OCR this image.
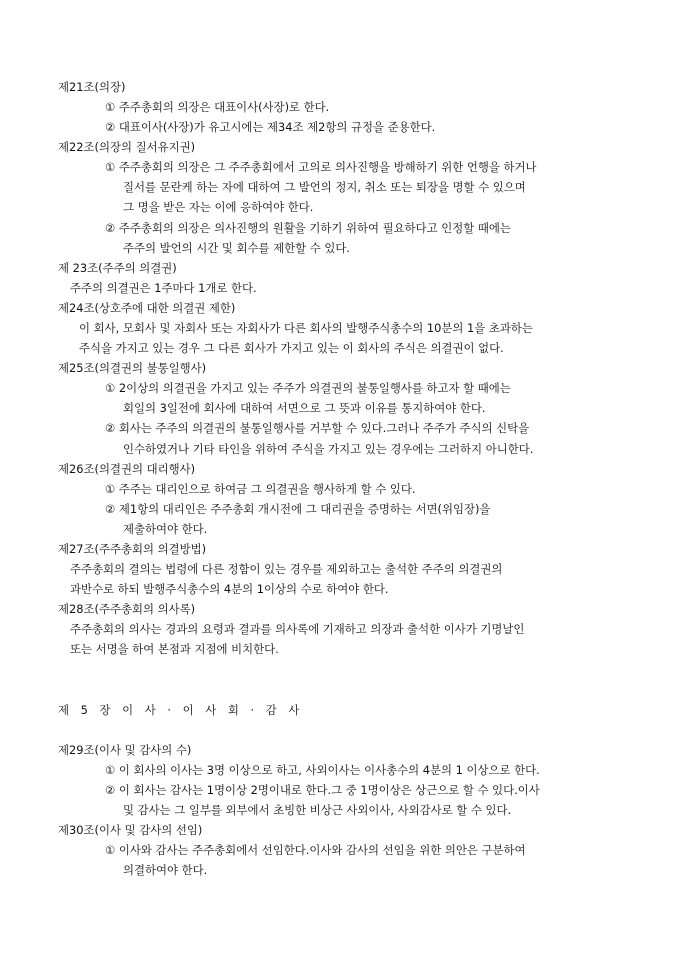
제21조(의장)
① 주주총회의 의장은 대표이사(사장)로 한다.
② 대표이사(사장)가 유고시에는 제34조 제2항의 규정을 준용한다.
제22조(의장의 질서유지권)
① 주주총회의 의장은 그 주주총회에서 고의로 의사진행을 방해하기 위한 언행을 하거나
질서를 문란케 하는 자에 대하여 그 발언의 정지, 취소 또는 퇴장을 명할 수 있으며
그 명을 받은 자는 이에 응하여야 한다.
② 주주총회의 의장은 의사진행의 원활을 기하기 위하여 필요하다고 인정할 때에는
주주의 발언의 시간 및 회수를 제한할 수 있다.
제 23조(주주의 의결권)
주주의 의결권은 1주마다 1개로 한다.
제24조(상호주에 대한 의결권 제한)
이 회사, 모회사 및 자회사 또는 자회사가 다른 회사의 발행주식총수의 10분의 1을 초과하는
주식을 가지고 있는 경우 그 다른 회사가 가지고 있는 이 회사의 주식은 의결권이 없다.
제25조(의결권의 불통일행사)
① 2이상의 의결권을 가지고 있는 주주가 의결권의 불통일행사를 하고자 할 때에는
회일의 3일전에 회사에 대하여 서면으로 그 뜻과 이유를 통지하여야 한다.
② 회사는 주주의 의결권의 불통일행사를 거부할 수 있다.그러나 주주가 주식의 신탁을
인수하였거나 기타 타인을 위하여 주식을 가지고 있는 경우에는 그러하지 아니한다.
제26조(의결권의 대리행사)
① 주주는 대리인으로 하여금 그 의결권을 행사하게 할 수 있다.
② 제1항의 대리인은 주주총회 개시전에 그 대리권을 증명하는 서면(위임장)을
제출하여야 한다.
제27조(주주총회의 의결방법)
주주총회의 결의는 법령에 다른 정함이 있는 경우를 제외하고는 출석한 주주의 의결권의
과반수로 하되 발행주식총수의 4분의 1이상의 수로 하여야 한다.
제28조(주주총회의 의사록)
주주총회의 의사는 경과의 요령과 결과를 의사록에 기재하고 의장과 출석한 이사가 기명날인
또는 서명을 하여 본점과 지점에 비치한다.
제 5 장 이 사 · 이 사 회 · 감 사
제29조(이사 및 감사의 수)
① 이 회사의 이사는 3명 이상으로 하고, 사외이사는 이사총수의 4분의 1 이상으로 한다.
② 이 회사는 감사는 1명이상 2명이내로 한다.그 중 1명이상은 상근으로 할 수 있다.이사
및 감사는 그 일부를 외부에서 초빙한 비상근 사외이사, 사외감사로 할 수 있다.
제30조(이사 및 감사의 선임)
① 이사와 감사는 주주총회에서 선임한다.이사와 감사의 선임을 위한 의안은 구분하여
의결하여야 한다.
